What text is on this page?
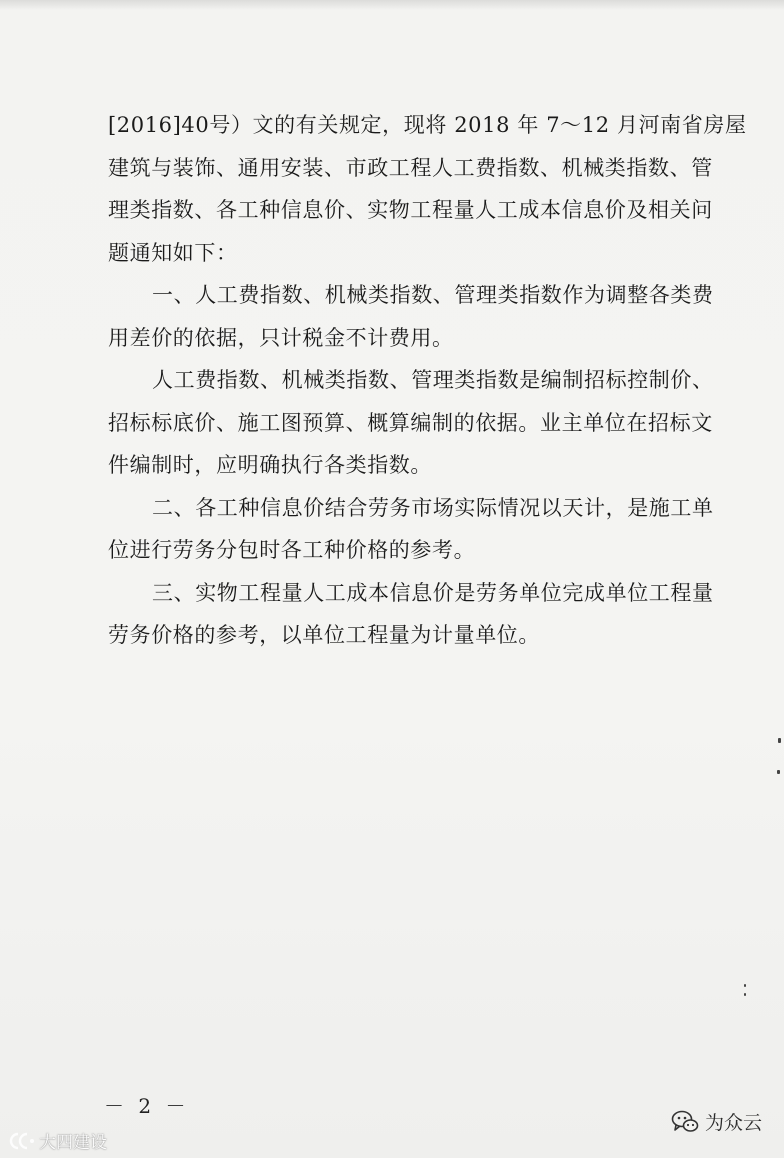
[2016]40号）文的有关规定，现将 2018 年 7～12 月河南省房屋
建筑与装饰、通用安装、市政工程人工费指数、机械类指数、管
理类指数、各工种信息价、实物工程量人工成本信息价及相关问
题通知如下：
一、人工费指数、机械类指数、管理类指数作为调整各类费
用差价的依据，只计税金不计费用。
人工费指数、机械类指数、管理类指数是编制招标控制价、
招标标底价、施工图预算、概算编制的依据。业主单位在招标文
件编制时，应明确执行各类指数。
二、各工种信息价结合劳务市场实际情况以天计，是施工单
位进行劳务分包时各工种价格的参考。
三、实物工程量人工成本信息价是劳务单位完成单位工程量
劳务价格的参考，以单位工程量为计量单位。
－ 2 －
大四建设
为众云
